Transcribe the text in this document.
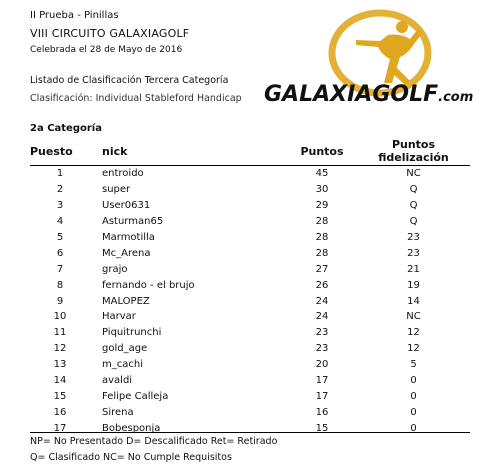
II Prueba - Pinillas
VIII CIRCUITO GALAXIAGOLF
Celebrada el 28 de Mayo de 2016
Listado de Clasificación Tercera Categoría
Clasificación: Individual Stableford Handicap GALAXIAGOLF.com
2a Categoría
Puesto	nick	Puntos	Puntos fidelización
1	entroido	45	NC
2	super	30	Q
3	User0631	29	Q
4	Asturman65	28	Q
5	Marmotilla	28	23
6	Mc_Arena	28	23
7	grajo	27	21
8	fernando - el brujo	26	19
9	MALOPEZ	24	14
10	Harvar	24	NC
11	Piquitrunchi	23	12
12	gold_age	23	12
13	m_cachi	20	5
14	avaldi	17	0
15	Felipe Calleja	17	0
16	Sirena	16	0
17	Bobesponja	15	0
NP= No Presentado D= Descalificado Ret= Retirado
Q= Clasificado NC= No Cumple Requisitos
